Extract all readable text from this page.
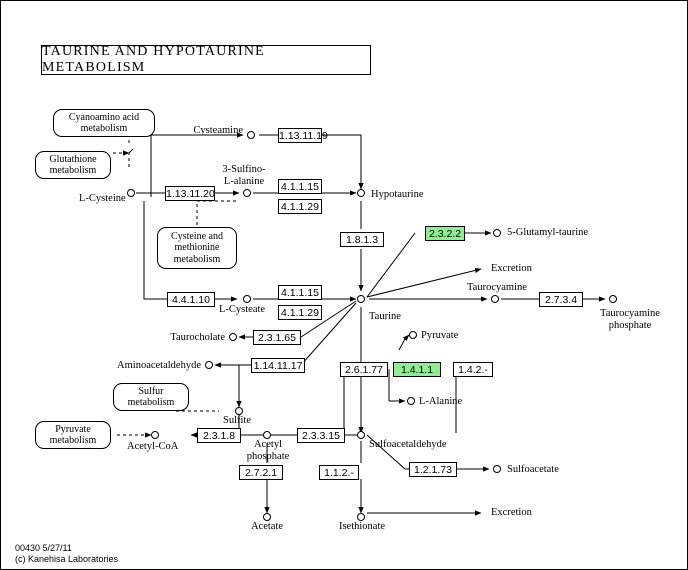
TAURINE AND HYPOTAURINE METABOLISM
Cyanoamino acid
metabolism
Glutathione
metabolism
Cysteine and
methionine
metabolism
Sulfur
metabolism
Pyruvate
metabolism
1.13.11.19
1.13.11.20
4.1.1.15
4.1.1.29
4.1.1.15
4.1.1.29
4.4.1.10
1.8.1.3	2.3.2.2
2.7.3.4
2.3.1.65
1.14.11.17	2.6.1.77	1.4.1.1	1.4.2.-
2.3.1.8	2.3.3.15
2.7.2.1	1.1.2.-	1.2.1.73
Cysteamine
Hypotaurine
L-Cysteine
3-Sulfino-
L-alanine
L-Cysteate
Taurine
5-Glutamyl-taurine
Excretion
Taurocyamine
Taurocyamine
phosphate
Taurocholate
Aminoacetaldehyde
Pyruvate
L-Alanine
Sulfite
Acetyl-CoA	Acetyl
phosphate
Sulfoacetaldehyde
Sulfoacetate
Acetate	Isethionate
Excretion
00430 5/27/11
(c) Kanehisa Laboratories
